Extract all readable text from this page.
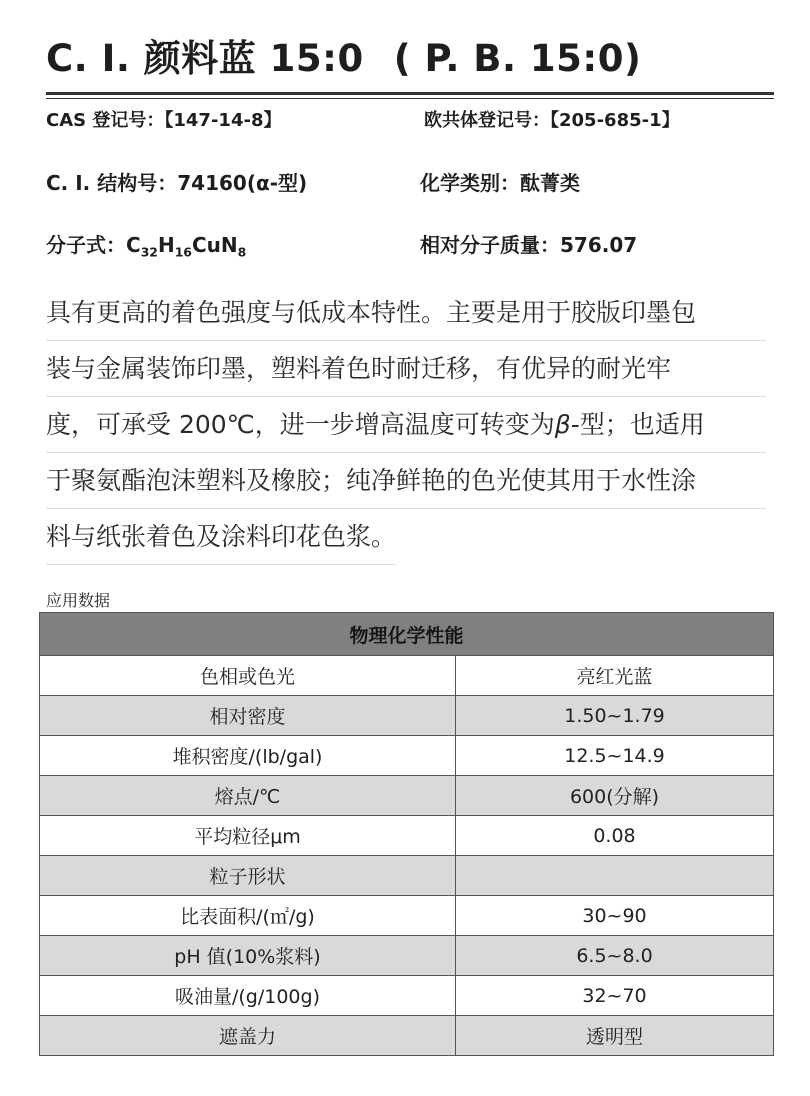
C. I. 颜料蓝 15:0 ( P. B. 15:0)
CAS 登记号：【147-14-8】	欧共体登记号：【205-685-1】
C. I. 结构号：74160(α-型)	化学类别：酞菁类
分子式：$C_{32}H_{16}CuN_8$	相对分子质量：576.07
具有更高的着色强度与低成本特性。主要是用于胶版印墨包
装与金属装饰印墨，塑料着色时耐迁移，有优异的耐光牢
度，可承受 200℃，进一步增高温度可转变为β-型；也适用
于聚氨酯泡沫塑料及橡胶；纯净鲜艳的色光使其用于水性涂
料与纸张着色及涂料印花色浆。
应用数据
物理化学性能	
色相或色光	亮红光蓝
相对密度	1.50~1.79
堆积密度/(lb/gal)	12.5~14.9
熔点/℃	600(分解)
平均粒径μm	0.08
粒子形状	
比表面积/(㎡/g)	30~90
pH 值(10%浆料)	6.5~8.0
吸油量/(g/100g)	32~70
遮盖力	透明型
